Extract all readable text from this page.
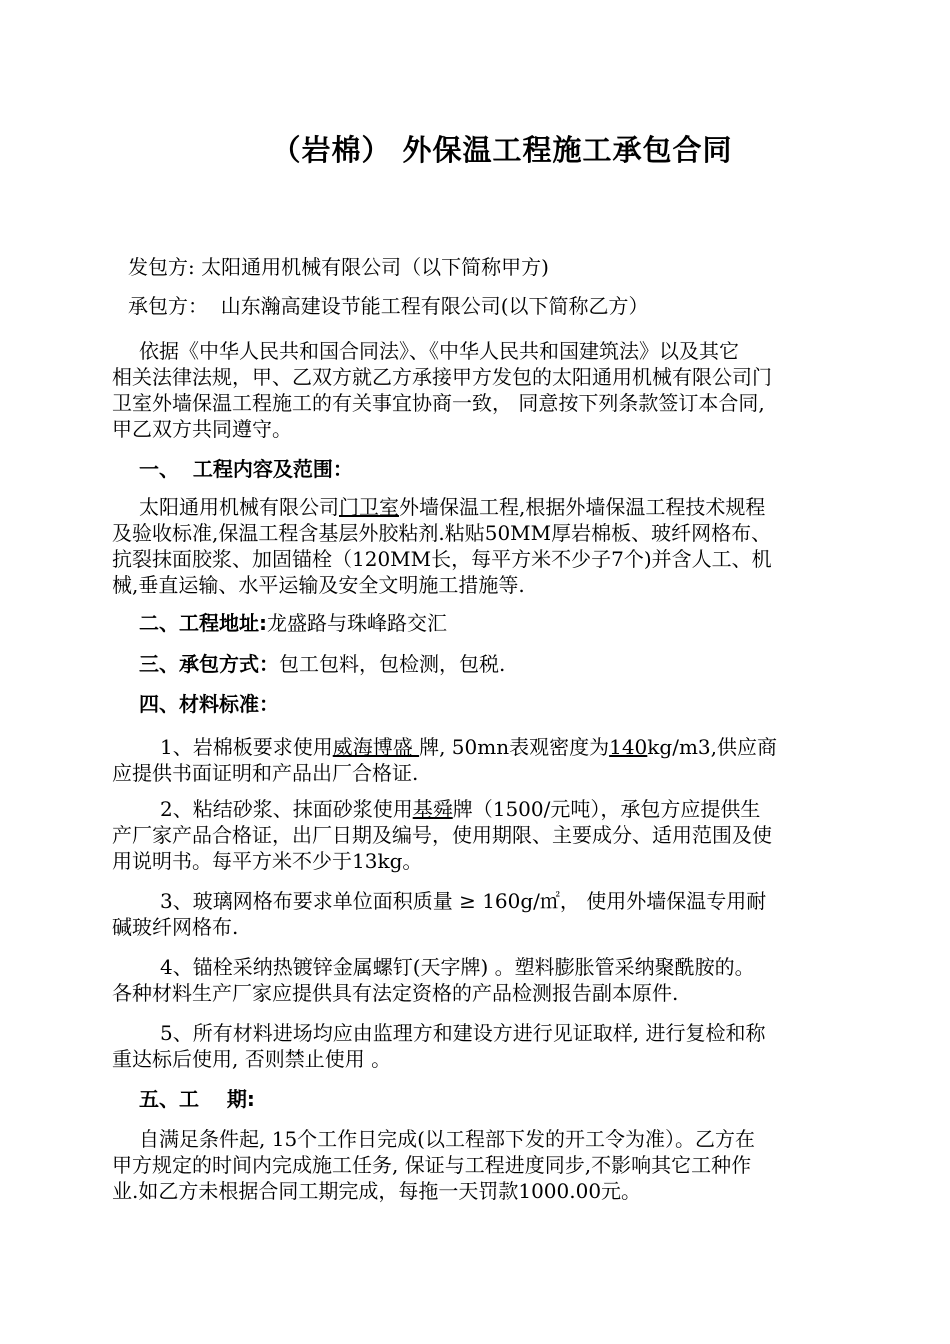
（岩棉） 外保温工程施工承包合同
发包方: 太阳通用机械有限公司（以下简称甲方)
承包方： 山东瀚高建设节能工程有限公司(以下简称乙方）
依据《中华人民共和国合同法》、《中华人民共和国建筑法》以及其它
相关法律法规，甲、乙双方就乙方承接甲方发包的太阳通用机械有限公司门
卫室外墙保温工程施工的有关事宜协商一致， 同意按下列条款签订本合同,
甲乙双方共同遵守。
一、  工程内容及范围：
太阳通用机械有限公司门卫室外墙保温工程,根据外墙保温工程技术规程
及验收标准,保温工程含基层外胶粘剂.粘贴50MM厚岩棉板、玻纤网格布、
抗裂抹面胶浆、加固锚栓（120MM长，每平方米不少子7个)并含人工、机
械,垂直运输、水平运输及安全文明施工措施等.
二、工程地址:龙盛路与珠峰路交汇
三、承包方式：包工包料，包检测，包税.
四、材料标准：
1、岩棉板要求使用威海博盛 牌, 50mn表观密度为140kg/m3,供应商
应提供书面证明和产品出厂合格证.
2、粘结砂浆、抹面砂浆使用基舜牌（1500/元吨），承包方应提供生
产厂家产品合格证，出厂日期及编号，使用期限、主要成分、适用范围及使
用说明书。每平方米不少于13kg。
3、玻璃网格布要求单位面积质量 ≥ 160g/㎡， 使用外墙保温专用耐
碱玻纤网格布.
4、锚栓采纳热镀锌金属螺钉(天字牌) 。塑料膨胀管采纳聚酰胺的。
各种材料生产厂家应提供具有法定资格的产品检测报告副本原件.
5、所有材料进场均应由监理方和建设方进行见证取样, 进行复检和称
重达标后使用, 否则禁止使用 。
五、工    期:
自满足条件起, 15个工作日完成(以工程部下发的开工令为准）。乙方在
甲方规定的时间内完成施工任务, 保证与工程进度同步,不影响其它工种作
业.如乙方未根据合同工期完成，每拖一天罚款1000.00元。
